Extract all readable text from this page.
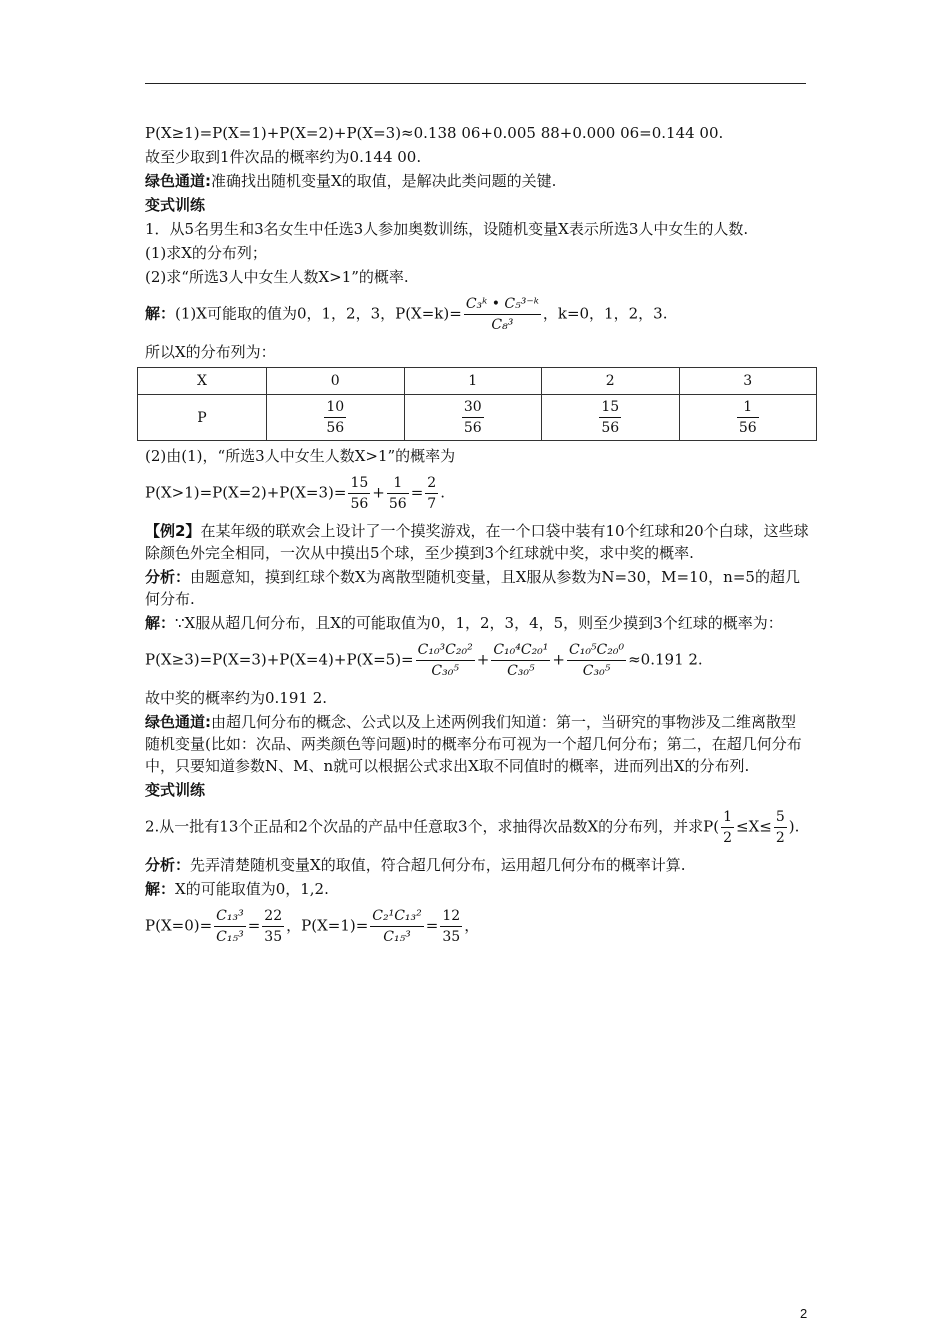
P(X≥1)=P(X=1)+P(X=2)+P(X=3)≈0.138 06+0.005 88+0.000 06=0.144 00.
故至少取到1件次品的概率约为0.144 00.
绿色通道:准确找出随机变量X的取值，是解决此类问题的关键.
变式训练
1．从5名男生和3名女生中任选3人参加奥数训练，设随机变量X表示所选3人中女生的人数.
(1)求X的分布列；
(2)求“所选3人中女生人数X>1”的概率.
解：(1)X可能取的值为0，1，2，3，$P(X=k)= \frac{\text{C₃ᵏ • C₅³⁻ᵏ}}{\text{C₈³}}$ ，k=0，1，2，3.
所以X的分布列为：
X	0	1	2	3
P	$\frac{10}{56}$	$\frac{30}{56}$	$\frac{15}{56}$	$\frac{1}{56}$
(2)由(1)，“所选3人中女生人数X>1”的概率为
$P(X>1)=P(X=2)+P(X=3)= \frac{15}{56} + \frac{1}{56} = \frac{2}{7}$ .
【例2】在某年级的联欢会上设计了一个摸奖游戏，在一个口袋中装有10个红球和20个白球，这些球除颜色外完全相同，一次从中摸出5个球，至少摸到3个红球就中奖，求中奖的概率.
分析：由题意知，摸到红球个数X为离散型随机变量，且X服从参数为N=30，M=10，n=5的超几何分布.
解：∵X服从超几何分布，且X的可能取值为0，1，2，3，4，5，则至少摸到3个红球的概率为：
$P(X\ge 3)=P(X=3)+P(X=4)+P(X=5)= \frac{\text{C₁₀³C₂₀²}}{\text{C₃₀⁵}} + \frac{\text{C₁₀⁴C₂₀¹}}{\text{C₃₀⁵}} + \frac{\text{C₁₀⁵C₂₀⁰}}{\text{C₃₀⁵}} \approx 0.191$ 2.
故中奖的概率约为0.191 2.
绿色通道:由超几何分布的概念、公式以及上述两例我们知道：第一，当研究的事物涉及二维离散型随机变量(比如：次品、两类颜色等问题)时的概率分布可视为一个超几何分布；第二，在超几何分布中，只要知道参数N、M、n就可以根据公式求出X取不同值时的概率，进而列出X的分布列.
变式训练
2.从一批有13个正品和2个次品的产品中任意取3个，求抽得次品数X的分布列，并求$P( \frac{1}{2} \le X\le \frac{5}{2}$ ).
分析：先弄清楚随机变量X的取值，符合超几何分布，运用超几何分布的概率计算.
解：X的可能取值为0，1,2.
$P(X=0)= \frac{\text{C₁₃³}}{\text{C₁₅³}} = \frac{22}{35}$ ，$P(X=1)= \frac{\text{C₂¹C₁₃²}}{\text{C₁₅³}} = \frac{12}{35}$ ，
2
